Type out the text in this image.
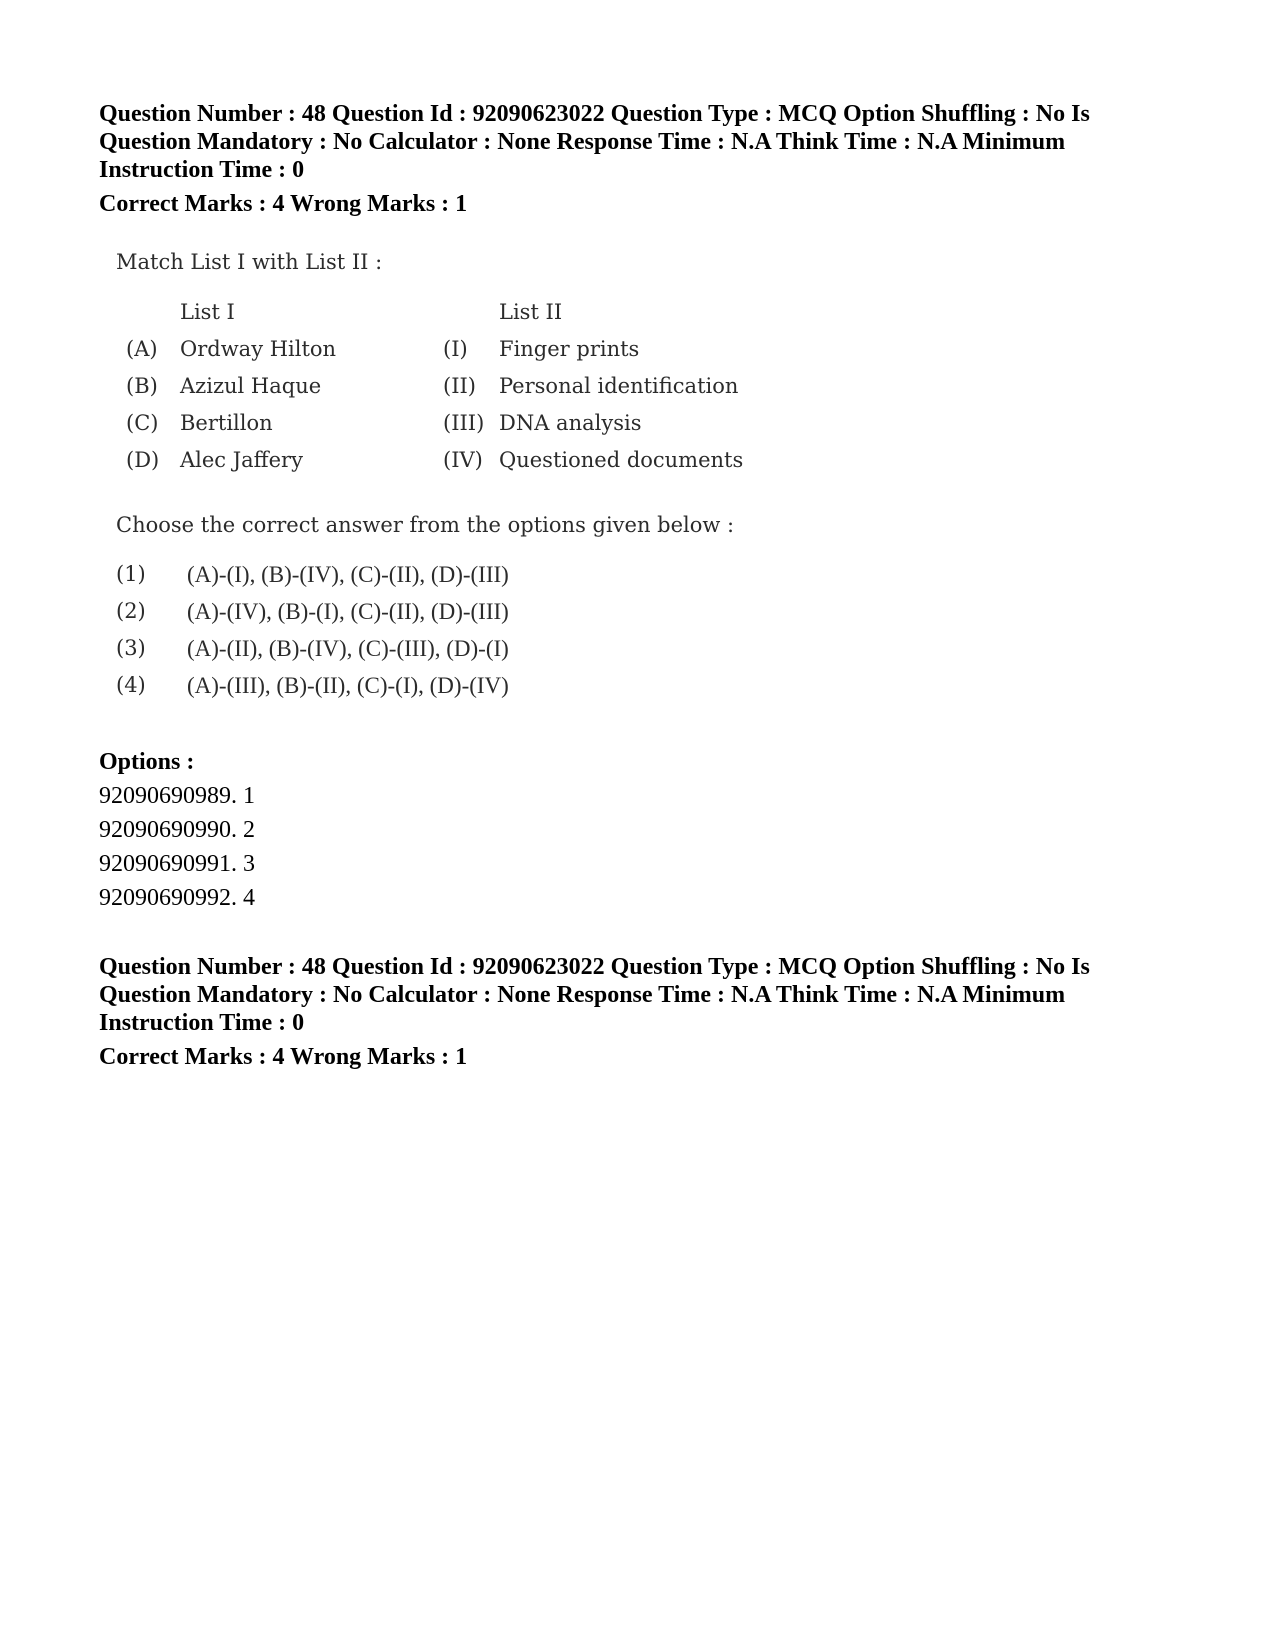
Question Number : 48 Question Id : 92090623022 Question Type : MCQ Option Shuffling : No Is
Question Mandatory : No Calculator : None Response Time : N.A Think Time : N.A Minimum
Instruction Time : 0
Correct Marks : 4 Wrong Marks : 1
Match List I with List II :
List I	List II
(A) Ordway Hilton	(I) Finger prints
(B) Azizul Haque	(II) Personal identification
(C) Bertillon	(III) DNA analysis
(D) Alec Jaffery	(IV) Questioned documents
Choose the correct answer from the options given below :
(1) (A)-(I), (B)-(IV), (C)-(II), (D)-(III)
(2) (A)-(IV), (B)-(I), (C)-(II), (D)-(III)
(3) (A)-(II), (B)-(IV), (C)-(III), (D)-(I)
(4) (A)-(III), (B)-(II), (C)-(I), (D)-(IV)
Options :
92090690989. 1
92090690990. 2
92090690991. 3
92090690992. 4
Question Number : 48 Question Id : 92090623022 Question Type : MCQ Option Shuffling : No Is
Question Mandatory : No Calculator : None Response Time : N.A Think Time : N.A Minimum
Instruction Time : 0
Correct Marks : 4 Wrong Marks : 1
